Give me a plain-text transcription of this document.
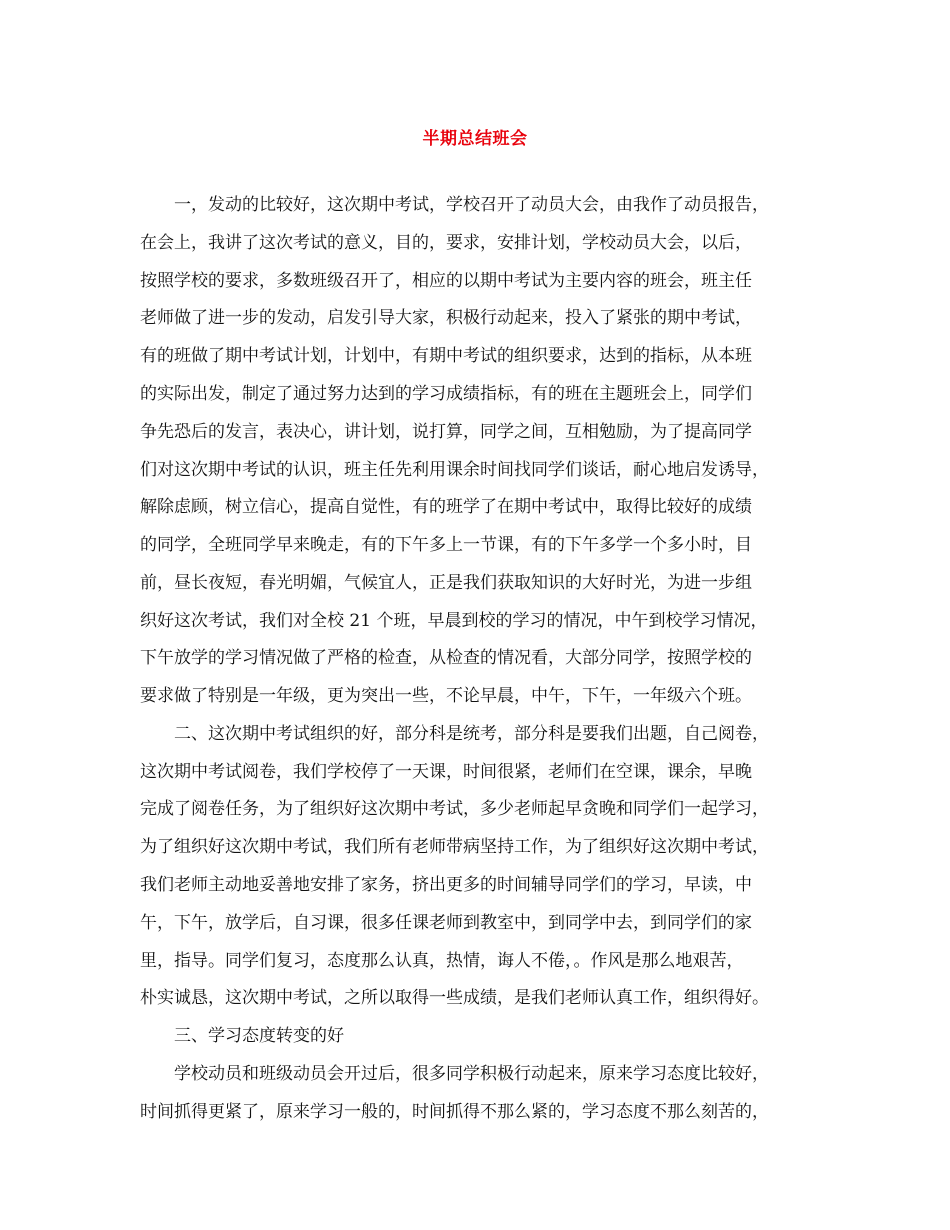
半期总结班会
一，发动的比较好，这次期中考试，学校召开了动员大会，由我作了动员报告，
在会上，我讲了这次考试的意义，目的，要求，安排计划，学校动员大会，以后，
按照学校的要求，多数班级召开了，相应的以期中考试为主要内容的班会，班主任
老师做了进一步的发动，启发引导大家，积极行动起来，投入了紧张的期中考试，
有的班做了期中考试计划，计划中，有期中考试的组织要求，达到的指标，从本班
的实际出发，制定了通过努力达到的学习成绩指标，有的班在主题班会上，同学们
争先恐后的发言，表决心，讲计划，说打算，同学之间，互相勉励，为了提高同学
们对这次期中考试的认识，班主任先利用课余时间找同学们谈话，耐心地启发诱导，
解除虑顾，树立信心，提高自觉性，有的班学了在期中考试中，取得比较好的成绩
的同学，全班同学早来晚走，有的下午多上一节课，有的下午多学一个多小时，目
前，昼长夜短，春光明媚，气候宜人，正是我们获取知识的大好时光，为进一步组
织好这次考试，我们对全校 21 个班，早晨到校的学习的情况，中午到校学习情况，
下午放学的学习情况做了严格的检查，从检查的情况看，大部分同学，按照学校的
要求做了特别是一年级，更为突出一些，不论早晨，中午，下午，一年级六个班。
二、这次期中考试组织的好，部分科是统考，部分科是要我们出题，自己阅卷，
这次期中考试阅卷，我们学校停了一天课，时间很紧，老师们在空课，课余，早晚
完成了阅卷任务，为了组织好这次期中考试，多少老师起早贪晚和同学们一起学习，
为了组织好这次期中考试，我们所有老师带病坚持工作，为了组织好这次期中考试，
我们老师主动地妥善地安排了家务，挤出更多的时间辅导同学们的学习，早读，中
午，下午，放学后，自习课，很多任课老师到教室中，到同学中去，到同学们的家
里，指导。同学们复习，态度那么认真，热情，诲人不倦，。作风是那么地艰苦，
朴实诚恳，这次期中考试，之所以取得一些成绩，是我们老师认真工作，组织得好。
三、学习态度转变的好
学校动员和班级动员会开过后，很多同学积极行动起来，原来学习态度比较好，
时间抓得更紧了，原来学习一般的，时间抓得不那么紧的，学习态度不那么刻苦的，
